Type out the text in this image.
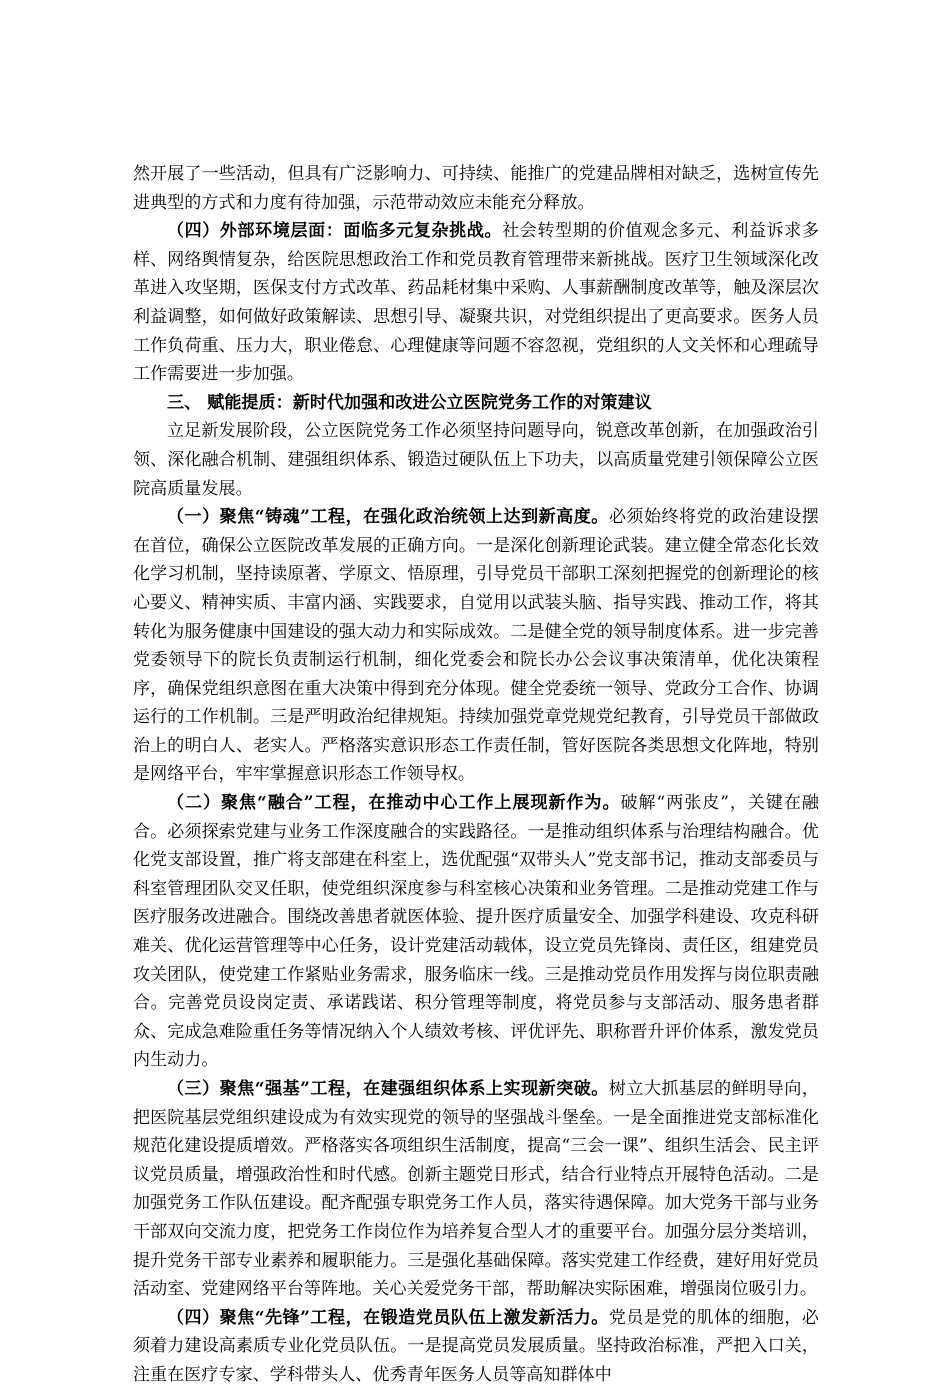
然开展了一些活动，但具有广泛影响力、可持续、能推广的党建品牌相对缺乏，选树宣传先进典型的方式和力度有待加强，示范带动效应未能充分释放。

（四）外部环境层面：面临多元复杂挑战。社会转型期的价值观念多元、利益诉求多样、网络舆情复杂，给医院思想政治工作和党员教育管理带来新挑战。医疗卫生领域深化改革进入攻坚期，医保支付方式改革、药品耗材集中采购、人事薪酬制度改革等，触及深层次利益调整，如何做好政策解读、思想引导、凝聚共识，对党组织提出了更高要求。医务人员工作负荷重、压力大，职业倦怠、心理健康等问题不容忽视，党组织的人文关怀和心理疏导工作需要进一步加强。

三、 赋能提质：新时代加强和改进公立医院党务工作的对策建议

立足新发展阶段，公立医院党务工作必须坚持问题导向，锐意改革创新，在加强政治引领、深化融合机制、建强组织体系、锻造过硬队伍上下功夫，以高质量党建引领保障公立医院高质量发展。

（一）聚焦“铸魂”工程，在强化政治统领上达到新高度。必须始终将党的政治建设摆在首位，确保公立医院改革发展的正确方向。一是深化创新理论武装。建立健全常态化长效化学习机制，坚持读原著、学原文、悟原理，引导党员干部职工深刻把握党的创新理论的核心要义、精神实质、丰富内涵、实践要求，自觉用以武装头脑、指导实践、推动工作，将其转化为服务健康中国建设的强大动力和实际成效。二是健全党的领导制度体系。进一步完善党委领导下的院长负责制运行机制，细化党委会和院长办公会议事决策清单，优化决策程序，确保党组织意图在重大决策中得到充分体现。健全党委统一领导、党政分工合作、协调运行的工作机制。三是严明政治纪律规矩。持续加强党章党规党纪教育，引导党员干部做政治上的明白人、老实人。严格落实意识形态工作责任制，管好医院各类思想文化阵地，特别是网络平台，牢牢掌握意识形态工作领导权。

（二）聚焦“融合”工程，在推动中心工作上展现新作为。破解“两张皮”，关键在融合。必须探索党建与业务工作深度融合的实践路径。一是推动组织体系与治理结构融合。优化党支部设置，推广将支部建在科室上，选优配强“双带头人”党支部书记，推动支部委员与科室管理团队交叉任职，使党组织深度参与科室核心决策和业务管理。二是推动党建工作与医疗服务改进融合。围绕改善患者就医体验、提升医疗质量安全、加强学科建设、攻克科研难关、优化运营管理等中心任务，设计党建活动载体，设立党员先锋岗、责任区，组建党员攻关团队，使党建工作紧贴业务需求，服务临床一线。三是推动党员作用发挥与岗位职责融合。完善党员设岗定责、承诺践诺、积分管理等制度，将党员参与支部活动、服务患者群众、完成急难险重任务等情况纳入个人绩效考核、评优评先、职称晋升评价体系，激发党员内生动力。

（三）聚焦“强基”工程，在建强组织体系上实现新突破。树立大抓基层的鲜明导向，把医院基层党组织建设成为有效实现党的领导的坚强战斗堡垒。一是全面推进党支部标准化规范化建设提质增效。严格落实各项组织生活制度，提高“三会一课”、组织生活会、民主评议党员质量，增强政治性和时代感。创新主题党日形式，结合行业特点开展特色活动。二是加强党务工作队伍建设。配齐配强专职党务工作人员，落实待遇保障。加大党务干部与业务干部双向交流力度，把党务工作岗位作为培养复合型人才的重要平台。加强分层分类培训，提升党务干部专业素养和履职能力。三是强化基础保障。落实党建工作经费，建好用好党员活动室、党建网络平台等阵地。关心关爱党务干部，帮助解决实际困难，增强岗位吸引力。

（四）聚焦“先锋”工程，在锻造党员队伍上激发新活力。党员是党的肌体的细胞，必须着力建设高素质专业化党员队伍。一是提高党员发展质量。坚持政治标准，严把入口关，注重在医疗专家、学科带头人、优秀青年医务人员等高知群体中
